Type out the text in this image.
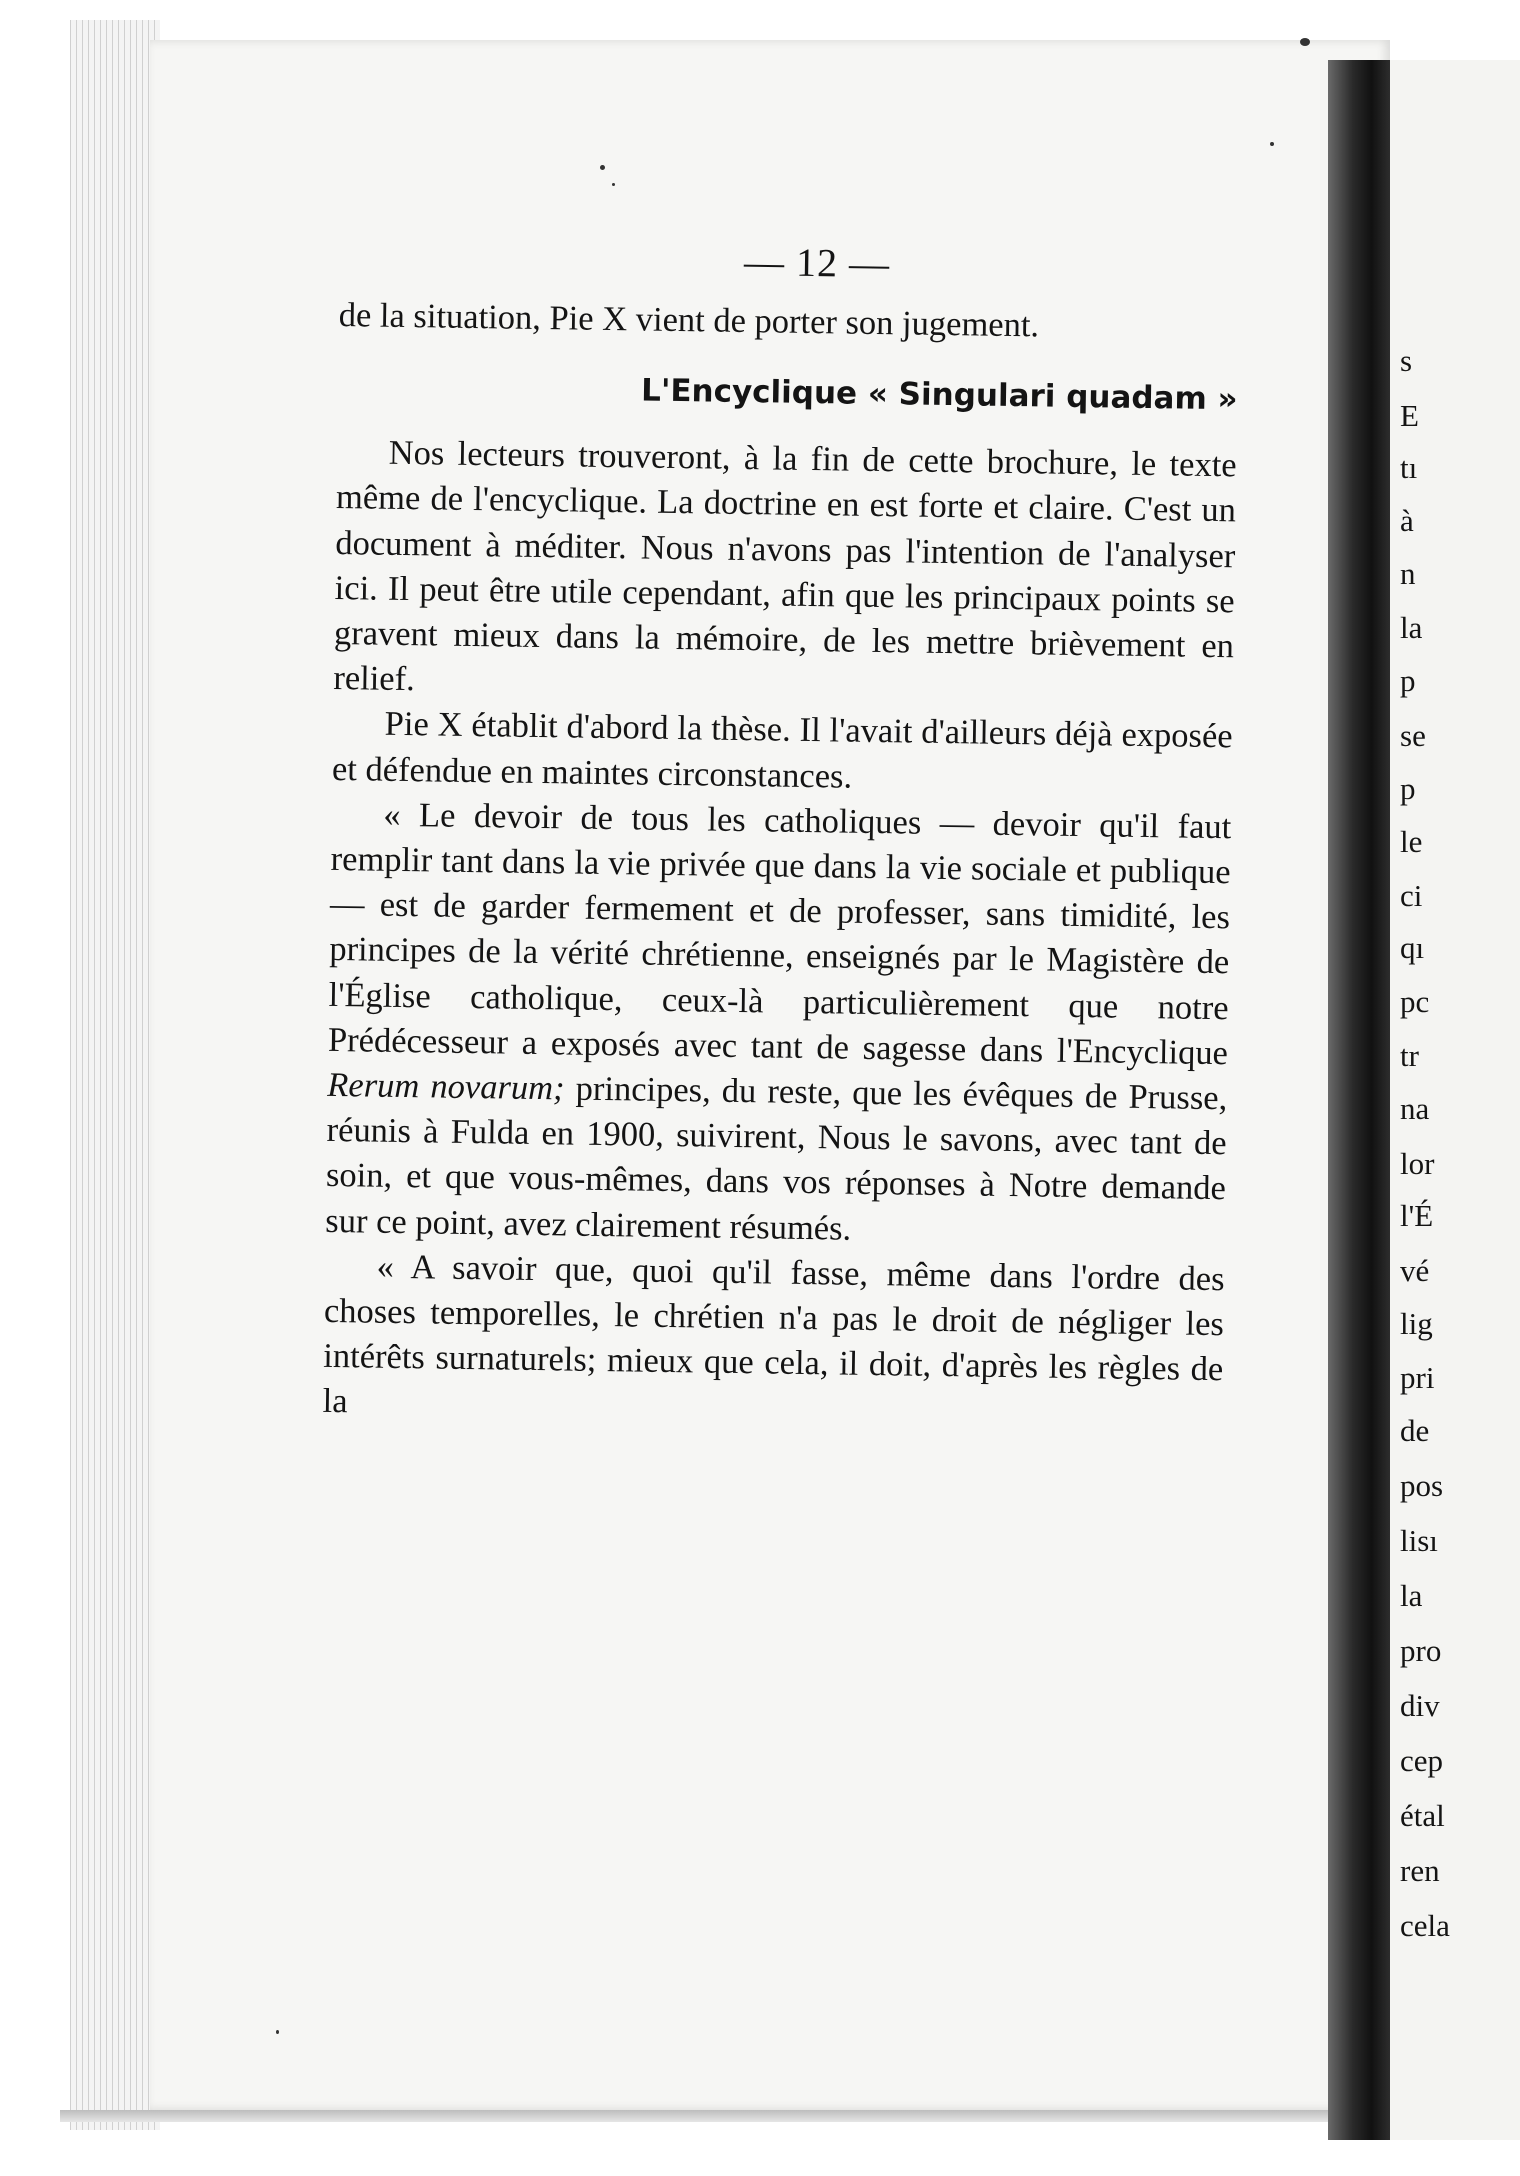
— 12 —

de la situation, Pie X vient de porter son jugement.

L'Encyclique « Singulari quadam »

Nos lecteurs trouveront, à la fin de cette brochure, le texte même de l'encyclique. La doctrine en est forte et claire. C'est un document à méditer. Nous n'avons pas l'intention de l'analyser ici. Il peut être utile cependant, afin que les principaux points se gravent mieux dans la mémoire, de les mettre brièvement en relief.

Pie X établit d'abord la thèse. Il l'avait d'ailleurs déjà exposée et défendue en maintes circonstances.

« Le devoir de tous les catholiques — devoir qu'il faut remplir tant dans la vie privée que dans la vie sociale et publique — est de garder fermement et de professer, sans timidité, les principes de la vérité chrétienne, enseignés par le Magistère de l'Église catholique, ceux-là particulièrement que notre Prédécesseur a exposés avec tant de sagesse dans l'Encyclique Rerum novarum; principes, du reste, que les évêques de Prusse, réunis à Fulda en 1900, suivirent, Nous le savons, avec tant de soin, et que vous-mêmes, dans vos réponses à Notre demande sur ce point, avez clairement résumés.

« A savoir que, quoi qu'il fasse, même dans l'ordre des choses temporelles, le chrétien n'a pas le droit de négliger les intérêts surnaturels; mieux que cela, il doit, d'après les règles de la

s

E

tı

à

n

la

p

se

p

le

ci

qı

pc

tr

na

lor

l'É

vé

lig

pri

de

pos

lisı

la

pro

div

cep

étal

ren

cela
